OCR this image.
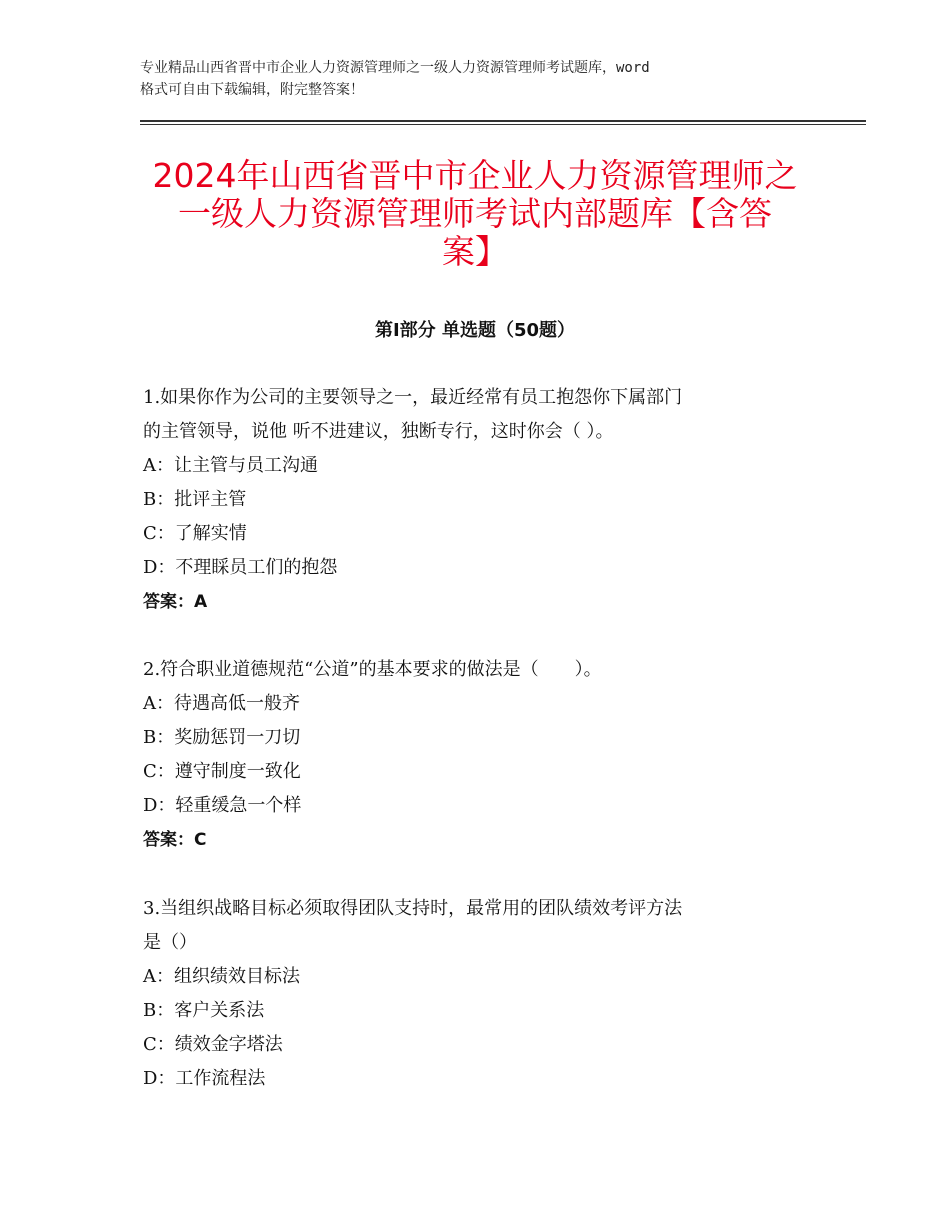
专业精品山西省晋中市企业人力资源管理师之一级人力资源管理师考试题库，word
格式可自由下载编辑，附完整答案！
2024年山西省晋中市企业人力资源管理师之
一级人力资源管理师考试内部题库【含答
案】
第Ⅰ部分 单选题（50题）
1.如果你作为公司的主要领导之一，最近经常有员工抱怨你下属部门
的主管领导，说他 听不进建议，独断专行，这时你会（ ）。
A：让主管与员工沟通
B：批评主管
C：了解实情
D：不理睬员工们的抱怨
答案：A
2.符合职业道德规范“公道”的基本要求的做法是（　　）。
A：待遇高低一般齐
B：奖励惩罚一刀切
C：遵守制度一致化
D：轻重缓急一个样
答案：C
3.当组织战略目标必须取得团队支持时，最常用的团队绩效考评方法
是（）
A：组织绩效目标法
B：客户关系法
C：绩效金字塔法
D：工作流程法
